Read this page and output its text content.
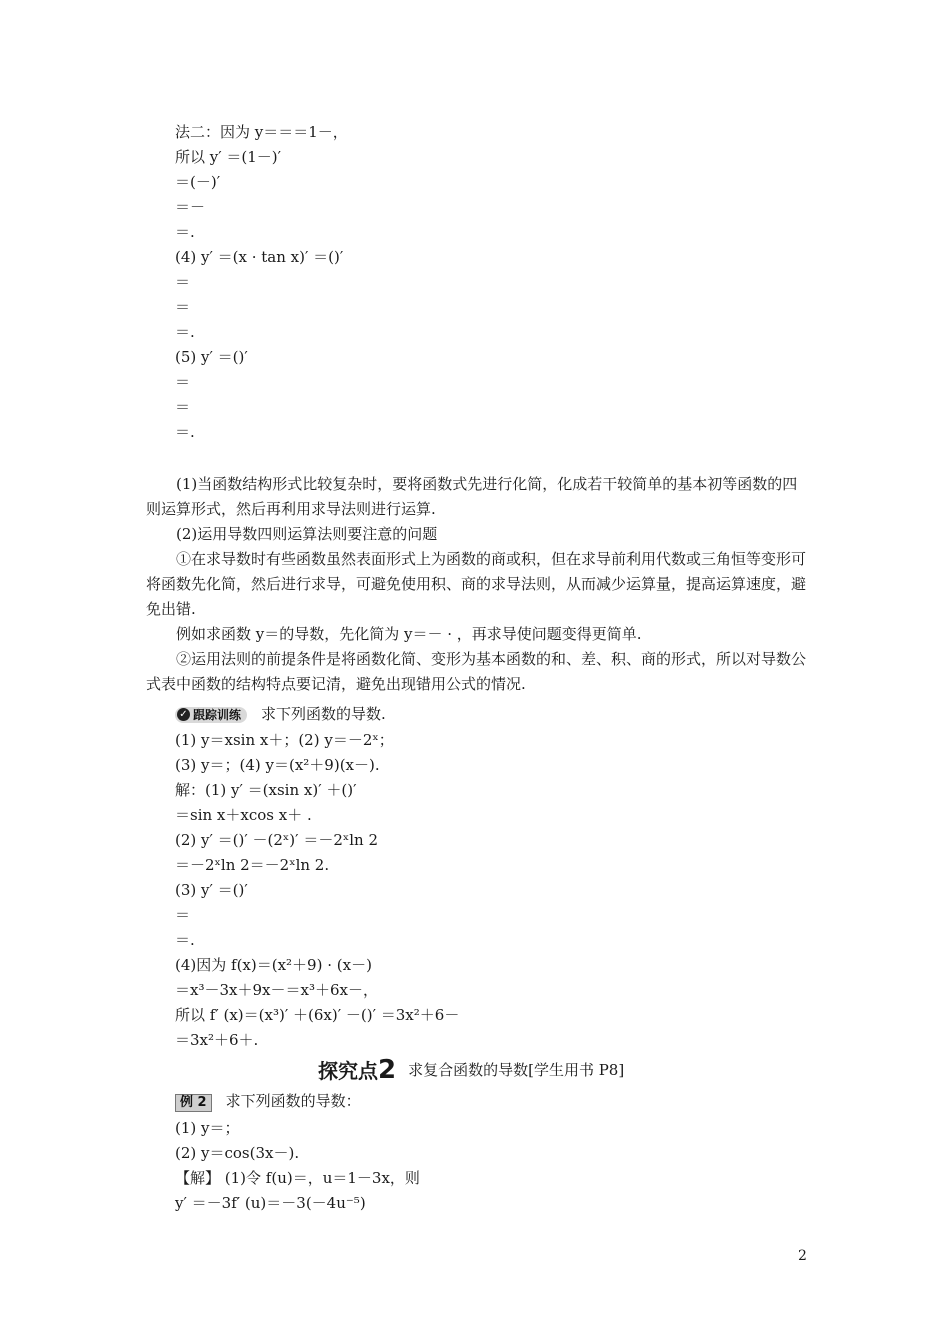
法二：因为 y＝＝＝1－，
所以 y′ ＝(1－)′
＝(－)′
＝－
＝.
(4) y′ ＝(x · tan x)′ ＝()′
＝
＝
＝.
(5) y′ ＝()′
＝
＝
＝.

(1)当函数结构形式比较复杂时，要将函数式先进行化简，化成若干较简单的基本初等函数的四则运算形式，然后再利用求导法则进行运算.

(2)运用导数四则运算法则要注意的问题

①在求导数时有些函数虽然表面形式上为函数的商或积，但在求导前利用代数或三角恒等变形可将函数先化简，然后进行求导，可避免使用积、商的求导法则，从而减少运算量，提高运算速度，避免出错.

例如求函数 y＝的导数，先化简为 y＝－ · ，再求导使问题变得更简单.

②运用法则的前提条件是将函数化简、变形为基本函数的和、差、积、商的形式，所以对导数公式表中函数的结构特点要记清，避免出现错用公式的情况.

✓ 跟踪训练 求下列函数的导数.
(1) y＝xsin x＋；(2) y＝－2ˣ；
(3) y＝；(4) y＝(x²＋9)(x－).
解：(1) y′ ＝(xsin x)′ ＋()′
＝sin x＋xcos x＋ .
(2) y′ ＝()′ －(2ˣ)′ ＝－2ˣln 2
＝－2ˣln 2＝－2ˣln 2.
(3) y′ ＝()′
＝
＝.
(4)因为 f(x)＝(x²＋9) · (x－)
＝x³－3x＋9x－＝x³＋6x－，
所以 f′ (x)＝(x³)′ ＋(6x)′ －()′ ＝3x²＋6－
＝3x²＋6＋.
探究点2 求复合函数的导数[学生用书 P8]
例 2 求下列函数的导数：
(1) y＝；
(2) y＝cos(3x－).
【解】 (1)令 f(u)＝，u＝1－3x，则
y′ ＝－3f′ (u)＝－3(－4u⁻⁵)
2
